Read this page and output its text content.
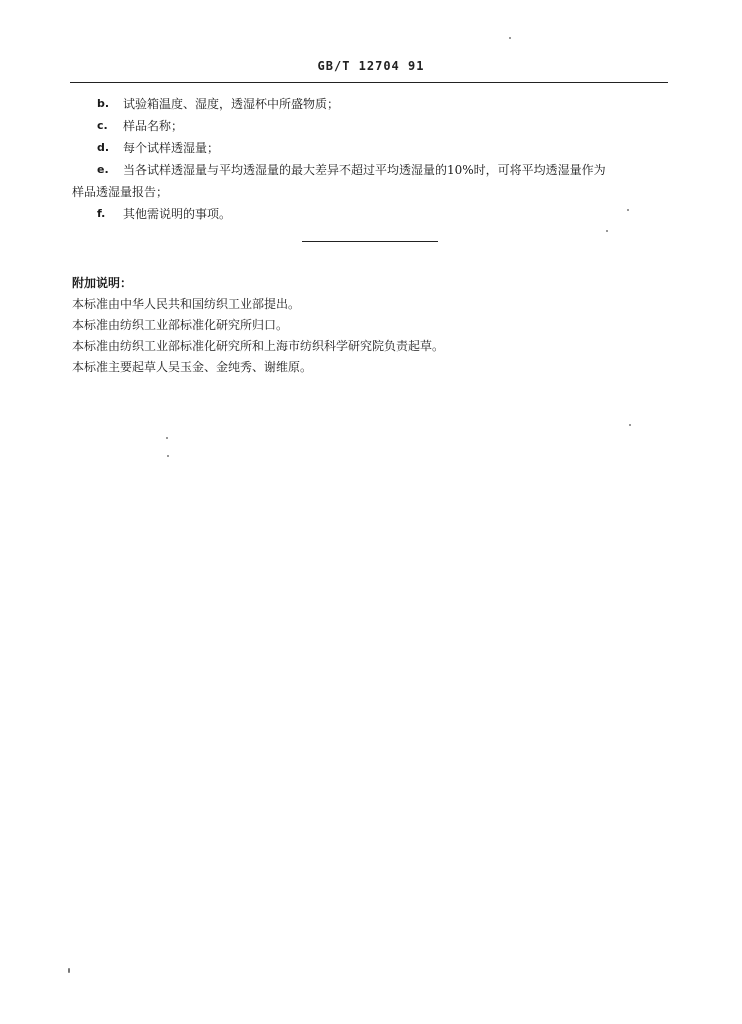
GB/T 12704 91
b. 试验箱温度、湿度，透湿杯中所盛物质；
c. 样品名称；
d. 每个试样透湿量；
e. 当各试样透湿量与平均透湿量的最大差异不超过平均透湿量的10%时，可将平均透湿量作为
样品透湿量报告；
f. 其他需说明的事项。
附加说明：
本标准由中华人民共和国纺织工业部提出。
本标准由纺织工业部标准化研究所归口。
本标准由纺织工业部标准化研究所和上海市纺织科学研究院负责起草。
本标准主要起草人吴玉金、金纯秀、谢维原。
